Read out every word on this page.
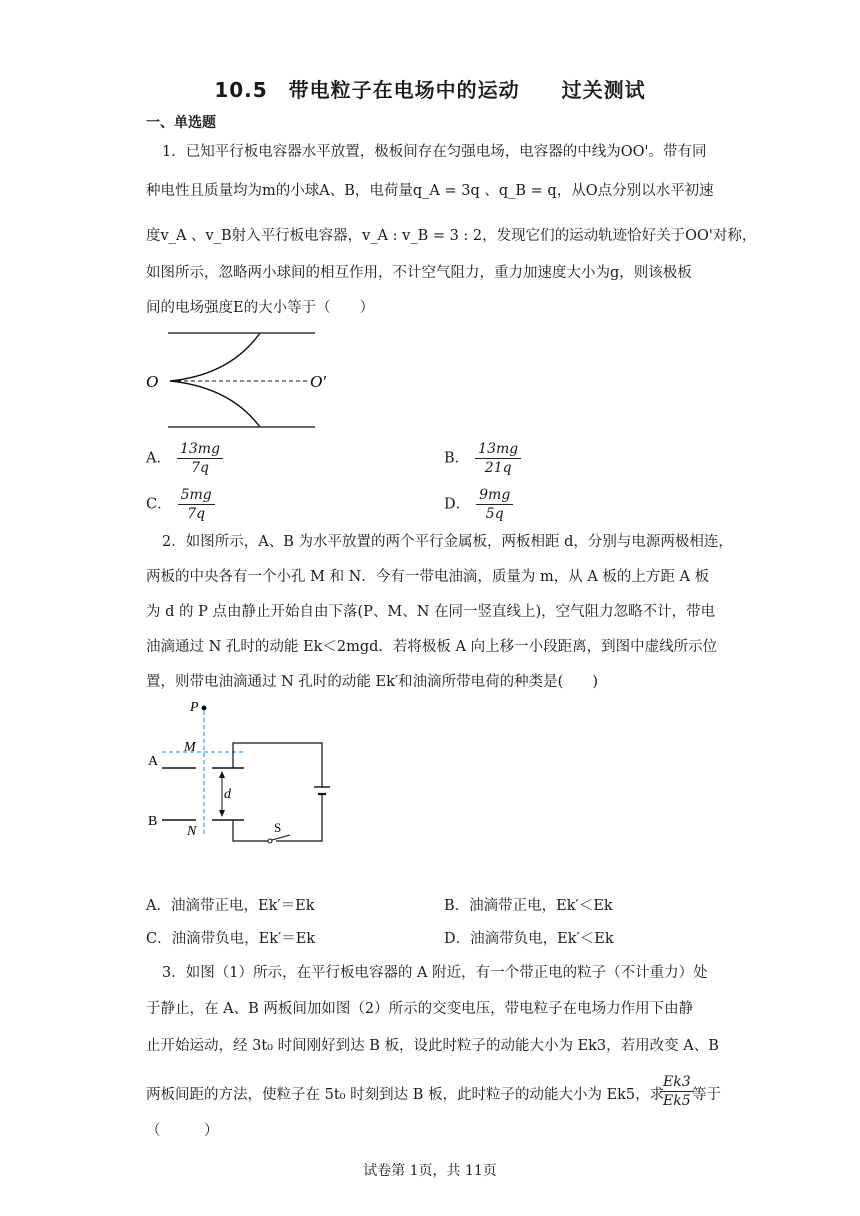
10.5　带电粒子在电场中的运动　　过关测试
一、单选题
1．已知平行板电容器水平放置，极板间存在匀强电场，电容器的中线为OO'。带有同
种电性且质量均为m的小球A、B，电荷量q_A = 3q 、q_B = q，从O点分别以水平初速
度v_A 、v_B射入平行板电容器，v_A : v_B = 3 : 2，发现它们的运动轨迹恰好关于OO'对称，
如图所示，忽略两小球间的相互作用，不计空气阻力，重力加速度大小为g，则该极板
间的电场强度E的大小等于（　　）
O	O′
A． $\frac{13mg}{7q}$	B． $\frac{13mg}{21q}$
C． $\frac{5mg}{7q}$	D． $\frac{9mg}{5q}$
2．如图所示，A、B 为水平放置的两个平行金属板，两板相距 d，分别与电源两极相连，
两板的中央各有一个小孔 M 和 N．今有一带电油滴，质量为 m，从 A 板的上方距 A 板
为 d 的 P 点由静止开始自由下落(P、M、N 在同一竖直线上)，空气阻力忽略不计，带电
油滴通过 N 孔时的动能 Ek＜2mgd．若将极板 A 向上移一小段距离，到图中虚线所示位
置，则带电油滴通过 N 孔时的动能 Ek′和油滴所带电荷的种类是(　　)
P
M
A
d
B
N	S
A．油滴带正电，Ek′＝Ek	B．油滴带正电，Ek′＜Ek
C．油滴带负电，Ek′＝Ek	D．油滴带负电，Ek′＜Ek
3．如图（1）所示，在平行板电容器的 A 附近，有一个带正电的粒子（不计重力）处
于静止，在 A、B 两板间加如图（2）所示的交变电压，带电粒子在电场力作用下由静
止开始运动，经 3t₀ 时间刚好到达 B 板，设此时粒子的动能大小为 Ek3，若用改变 A、B
两板间距的方法，使粒子在 5t₀ 时刻到达 B 板，此时粒子的动能大小为 Ek5，求
$\frac{Ek3}{Ek5}$
等于
（　　　）
试卷第 1页，共 11页
